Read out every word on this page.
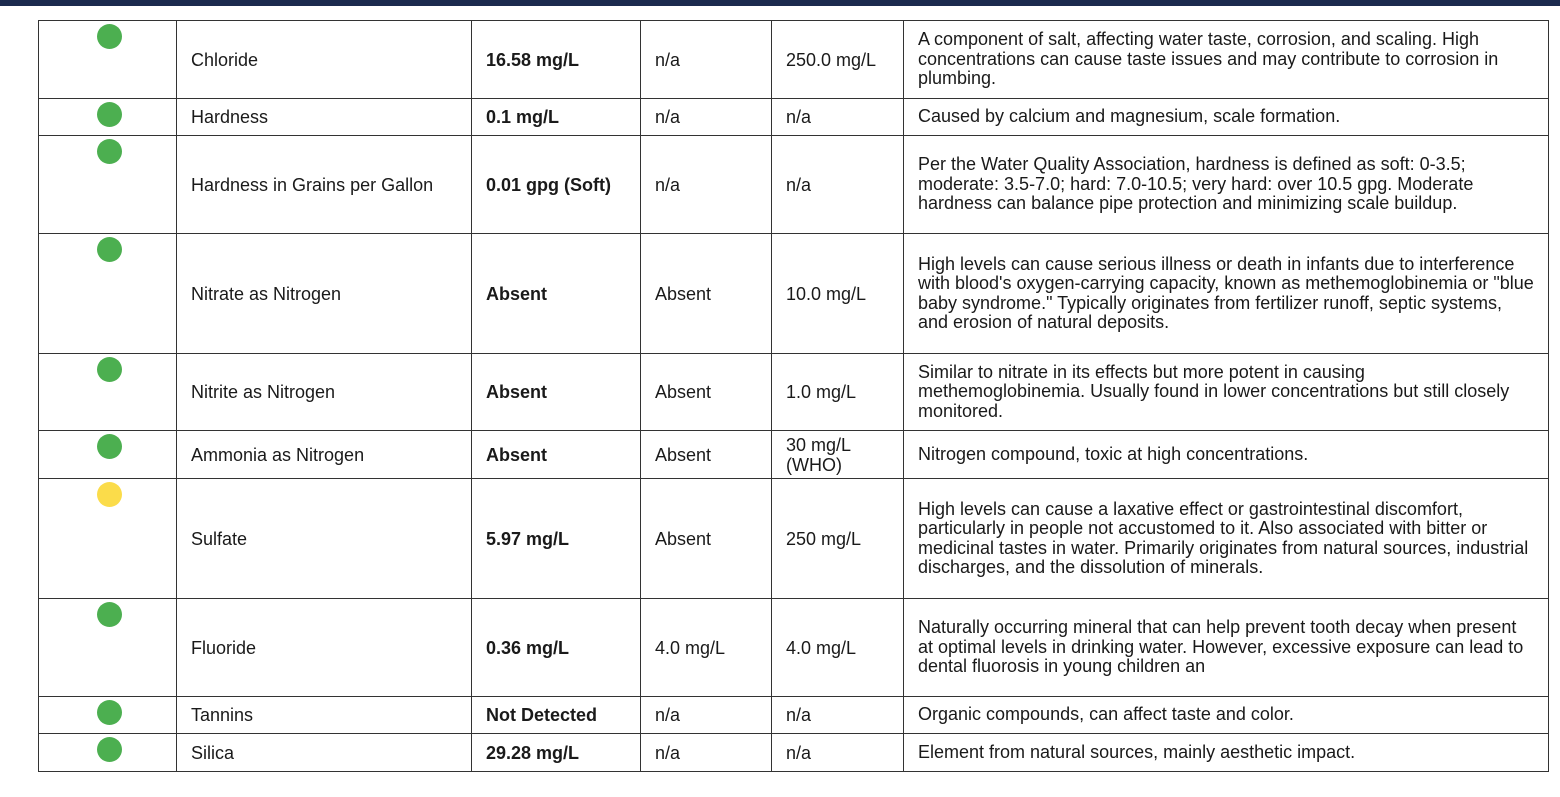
	Chloride	16.58 mg/L	n/a	250.0 mg/L	A component of salt, affecting water taste, corrosion, and scaling. High concentrations can cause taste issues and may contribute to corrosion in plumbing.

	Hardness	0.1 mg/L	n/a	n/a	Caused by calcium and magnesium, scale formation.

	Hardness in Grains per Gallon	0.01 gpg (Soft)	n/a	n/a	Per the Water Quality Association, hardness is defined as soft: 0-3.5; moderate: 3.5-7.0; hard: 7.0-10.5; very hard: over 10.5 gpg. Moderate hardness can balance pipe protection and minimizing scale buildup.

	Nitrate as Nitrogen	Absent	Absent	10.0 mg/L	High levels can cause serious illness or death in infants due to interference with blood's oxygen-carrying capacity, known as methemoglobinemia or "blue baby syndrome." Typically originates from fertilizer runoff, septic systems, and erosion of natural deposits.

	Nitrite as Nitrogen	Absent	Absent	1.0 mg/L	Similar to nitrate in its effects but more potent in causing methemoglobinemia. Usually found in lower concentrations but still closely monitored.

	Ammonia as Nitrogen	Absent	Absent	30 mg/L (WHO)	Nitrogen compound, toxic at high concentrations.

	Sulfate	5.97 mg/L	Absent	250 mg/L	High levels can cause a laxative effect or gastrointestinal discomfort, particularly in people not accustomed to it. Also associated with bitter or medicinal tastes in water. Primarily originates from natural sources, industrial discharges, and the dissolution of minerals.

	Fluoride	0.36 mg/L	4.0 mg/L	4.0 mg/L	Naturally occurring mineral that can help prevent tooth decay when present at optimal levels in drinking water. However, excessive exposure can lead to dental fluorosis in young children an

	Tannins	Not Detected	n/a	n/a	Organic compounds, can affect taste and color.

	Silica	29.28 mg/L	n/a	n/a	Element from natural sources, mainly aesthetic impact.
